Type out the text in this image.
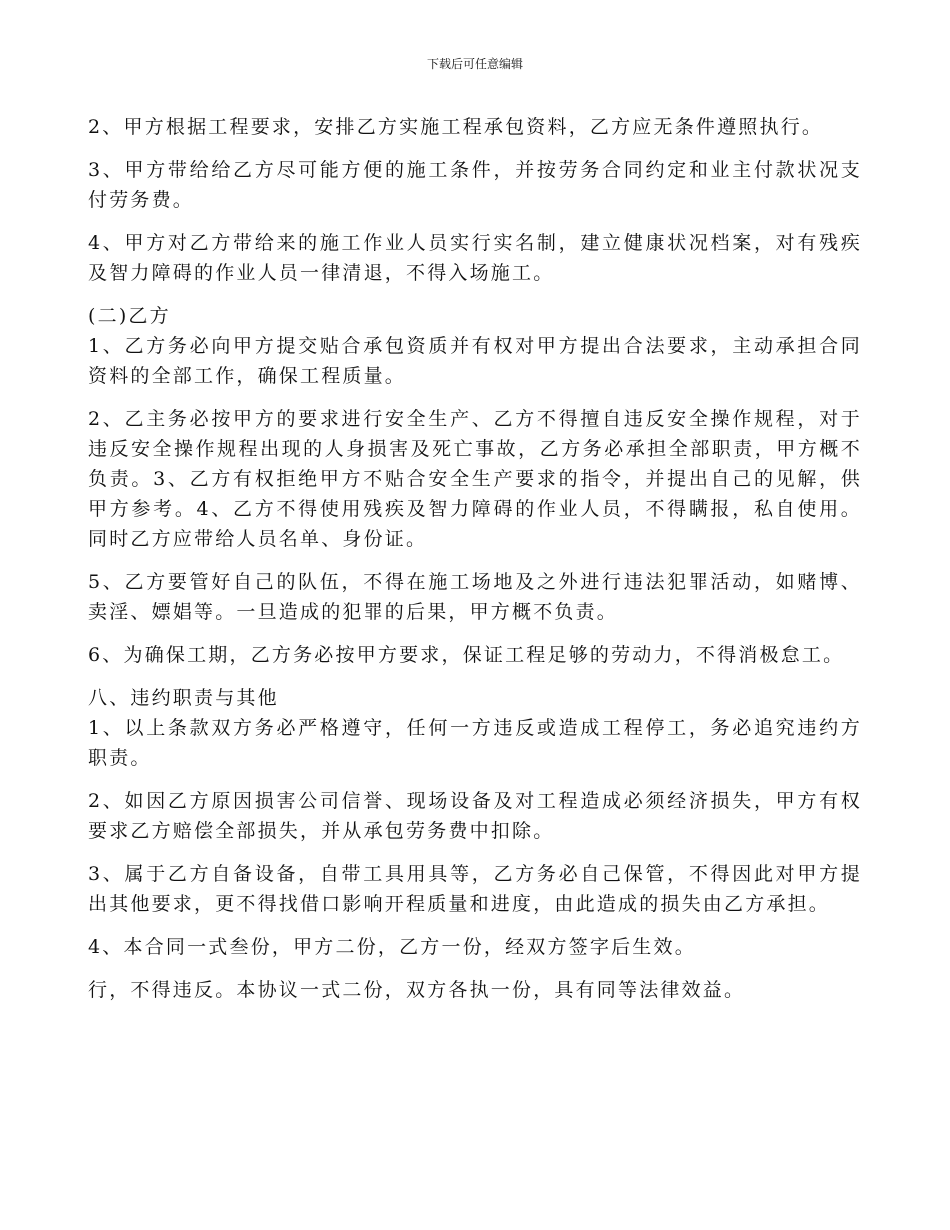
下载后可任意编辑

2、甲方根据工程要求，安排乙方实施工程承包资料，乙方应无条件遵照执行。

3、甲方带给给乙方尽可能方便的施工条件，并按劳务合同约定和业主付款状况支付劳务费。

4、甲方对乙方带给来的施工作业人员实行实名制，建立健康状况档案，对有残疾及智力障碍的作业人员一律清退，不得入场施工。

(二)乙方

1、乙方务必向甲方提交贴合承包资质并有权对甲方提出合法要求，主动承担合同资料的全部工作，确保工程质量。

2、乙主务必按甲方的要求进行安全生产、乙方不得擅自违反安全操作规程，对于违反安全操作规程出现的人身损害及死亡事故，乙方务必承担全部职责，甲方概不负责。3、乙方有权拒绝甲方不贴合安全生产要求的指令，并提出自己的见解，供甲方参考。4、乙方不得使用残疾及智力障碍的作业人员，不得瞒报，私自使用。同时乙方应带给人员名单、身份证。

5、乙方要管好自己的队伍，不得在施工场地及之外进行违法犯罪活动，如赌博、卖淫、嫖娼等。一旦造成的犯罪的后果，甲方概不负责。

6、为确保工期，乙方务必按甲方要求，保证工程足够的劳动力，不得消极怠工。

八、违约职责与其他

1、以上条款双方务必严格遵守，任何一方违反或造成工程停工，务必追究违约方职责。

2、如因乙方原因损害公司信誉、现场设备及对工程造成必须经济损失，甲方有权要求乙方赔偿全部损失，并从承包劳务费中扣除。

3、属于乙方自备设备，自带工具用具等，乙方务必自己保管，不得因此对甲方提出其他要求，更不得找借口影响开程质量和进度，由此造成的损失由乙方承担。

4、本合同一式叁份，甲方二份，乙方一份，经双方签字后生效。

行，不得违反。本协议一式二份，双方各执一份，具有同等法律效益。
